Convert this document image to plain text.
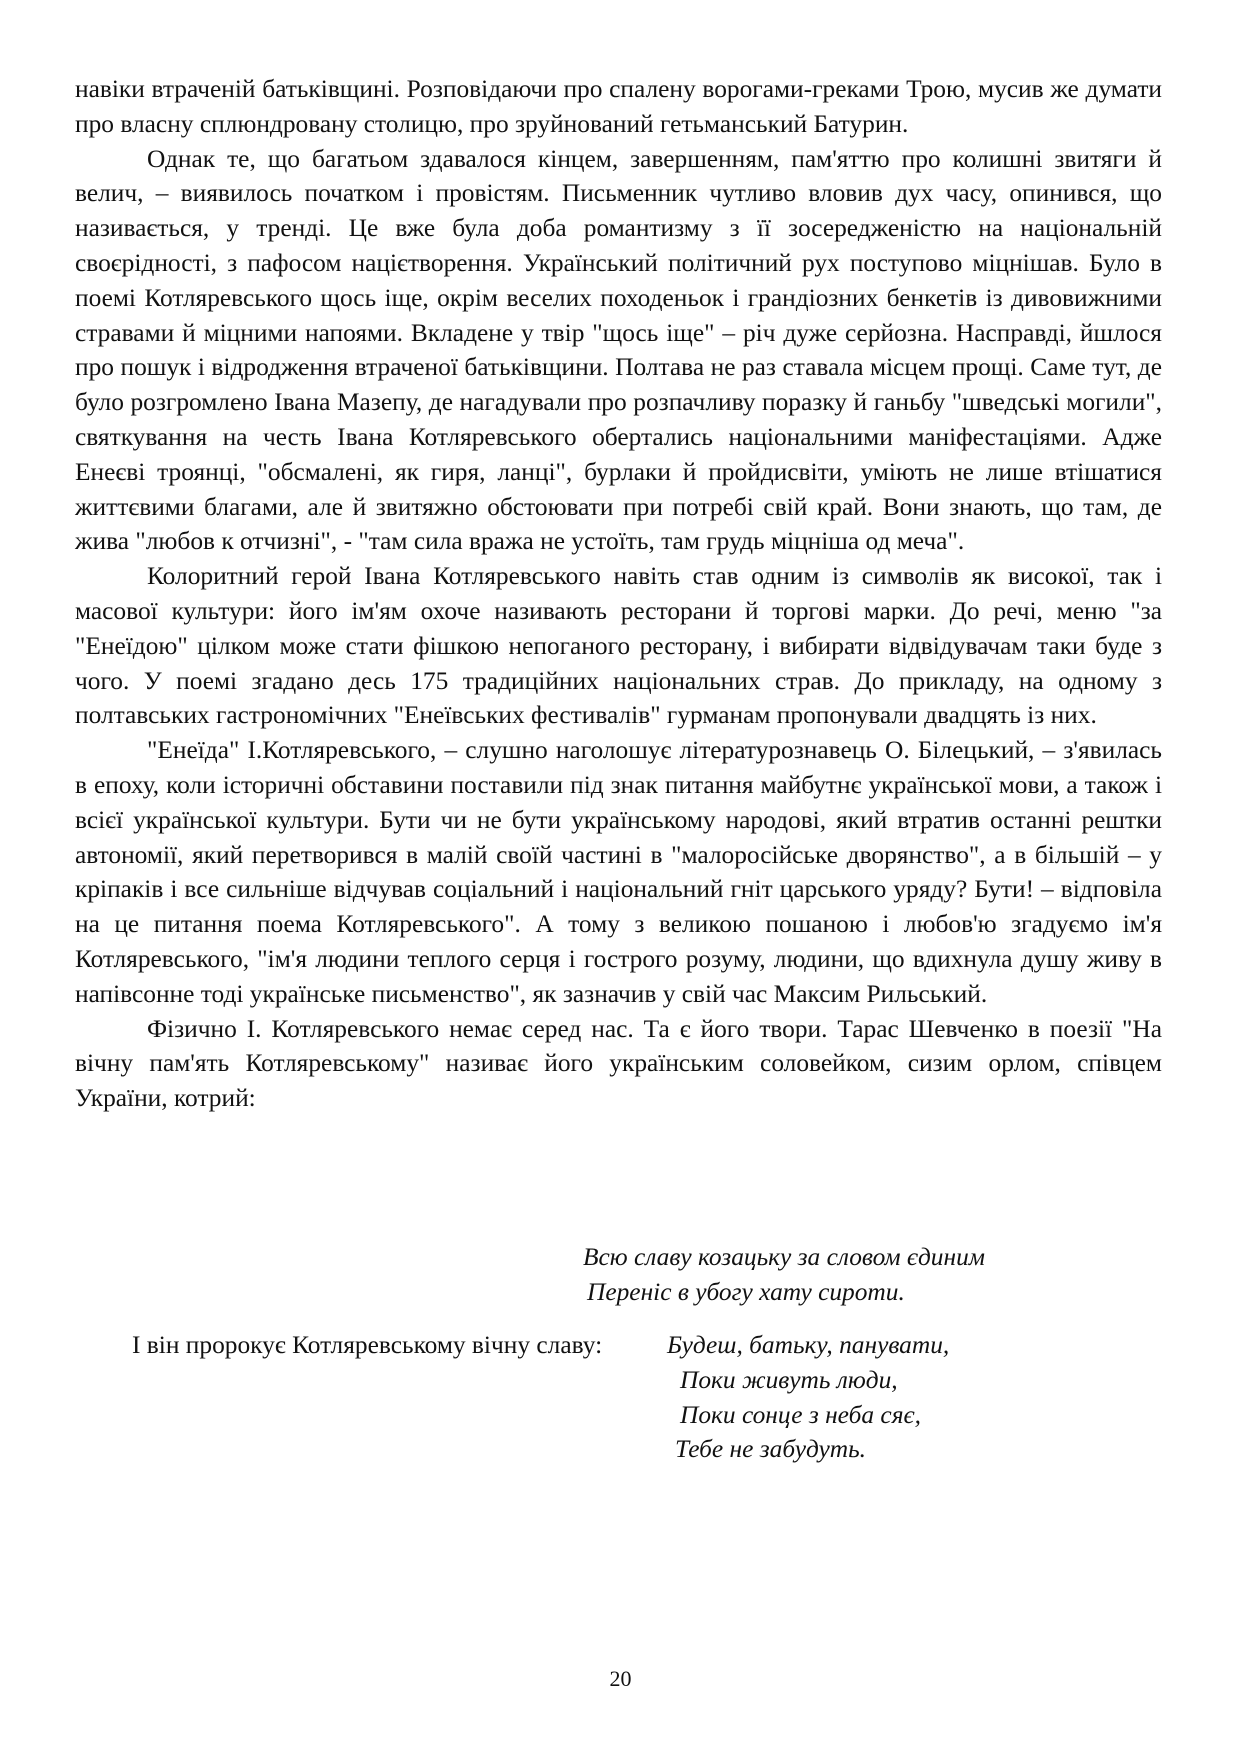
навіки втраченій батьківщині. Розповідаючи про спалену ворогами-греками Трою, мусив же думати про власну сплюндровану столицю, про зруйнований гетьманський Батурин.

Однак те, що багатьом здавалося кінцем, завершенням, пам'яттю про колишні звитяги й велич, – виявилось початком і провістям. Письменник чутливо вловив дух часу, опинився, що називається, у тренді. Це вже була доба романтизму з її зосередженістю на національній своєрідності, з пафосом націєтворення. Український політичний рух поступово міцнішав. Було в поемі Котляревського щось іще, окрім веселих походеньок і грандіозних бенкетів із дивовижними стравами й міцними напоями. Вкладене у твір "щось іще" – річ дуже серйозна. Насправді, йшлося про пошук і відродження втраченої батьківщини. Полтава не раз ставала місцем прощі. Саме тут, де було розгромлено Івана Мазепу, де нагадували про розпачливу поразку й ганьбу "шведські могили", святкування на честь Івана Котляревського обертались національними маніфестаціями. Адже Енеєві троянці, "обсмалені, як гиря, ланці", бурлаки й пройдисвіти, уміють не лише втішатися життєвими благами, але й звитяжно обстоювати при потребі свій край. Вони знають, що там, де жива "любов к отчизні", - "там сила вража не устоїть, там грудь міцніша од меча".

Колоритний герой Івана Котляревського навіть став одним із символів як високої, так і масової культури: його ім'ям охоче називають ресторани й торгові марки. До речі, меню "за "Енеїдою" цілком може стати фішкою непоганого ресторану, і вибирати відвідувачам таки буде з чого. У поемі згадано десь 175 традиційних національних страв. До прикладу, на одному з полтавських гастрономічних "Енеївських фестивалів" гурманам пропонували двадцять із них.

"Енеїда" І.Котляревського, – слушно наголошує літературознавець О. Білецький, – з'явилась в епоху, коли історичні обставини поставили під знак питання майбутнє української мови, а також і всієї української культури. Бути чи не бути українському народові, який втратив останні рештки автономії, який перетворився в малій своїй частині в "малоросійське дворянство", а в більшій – у кріпаків і все сильніше відчував соціальний і національний гніт царського уряду? Бути! – відповіла на це питання поема Котляревського". А тому з великою пошаною і любов'ю згадуємо ім'я Котляревського, "ім'я людини теплого серця і гострого розуму, людини, що вдихнула душу живу в напівсонне тоді українське письменство", як зазначив у свій час Максим Рильський.

Фізично І. Котляревського немає серед нас. Та є його твори. Тарас Шевченко в поезії "На вічну пам'ять Котляревському" називає його українським соловейком, сизим орлом, співцем України, котрий:

Всю славу козацьку за словом єдиним
Переніс в убогу хату сироти.
І він пророкує Котляревському вічну славу:	Будеш, батьку, панувати,
Поки живуть люди,
Поки сонце з неба сяє,
Тебе не забудуть.
20
